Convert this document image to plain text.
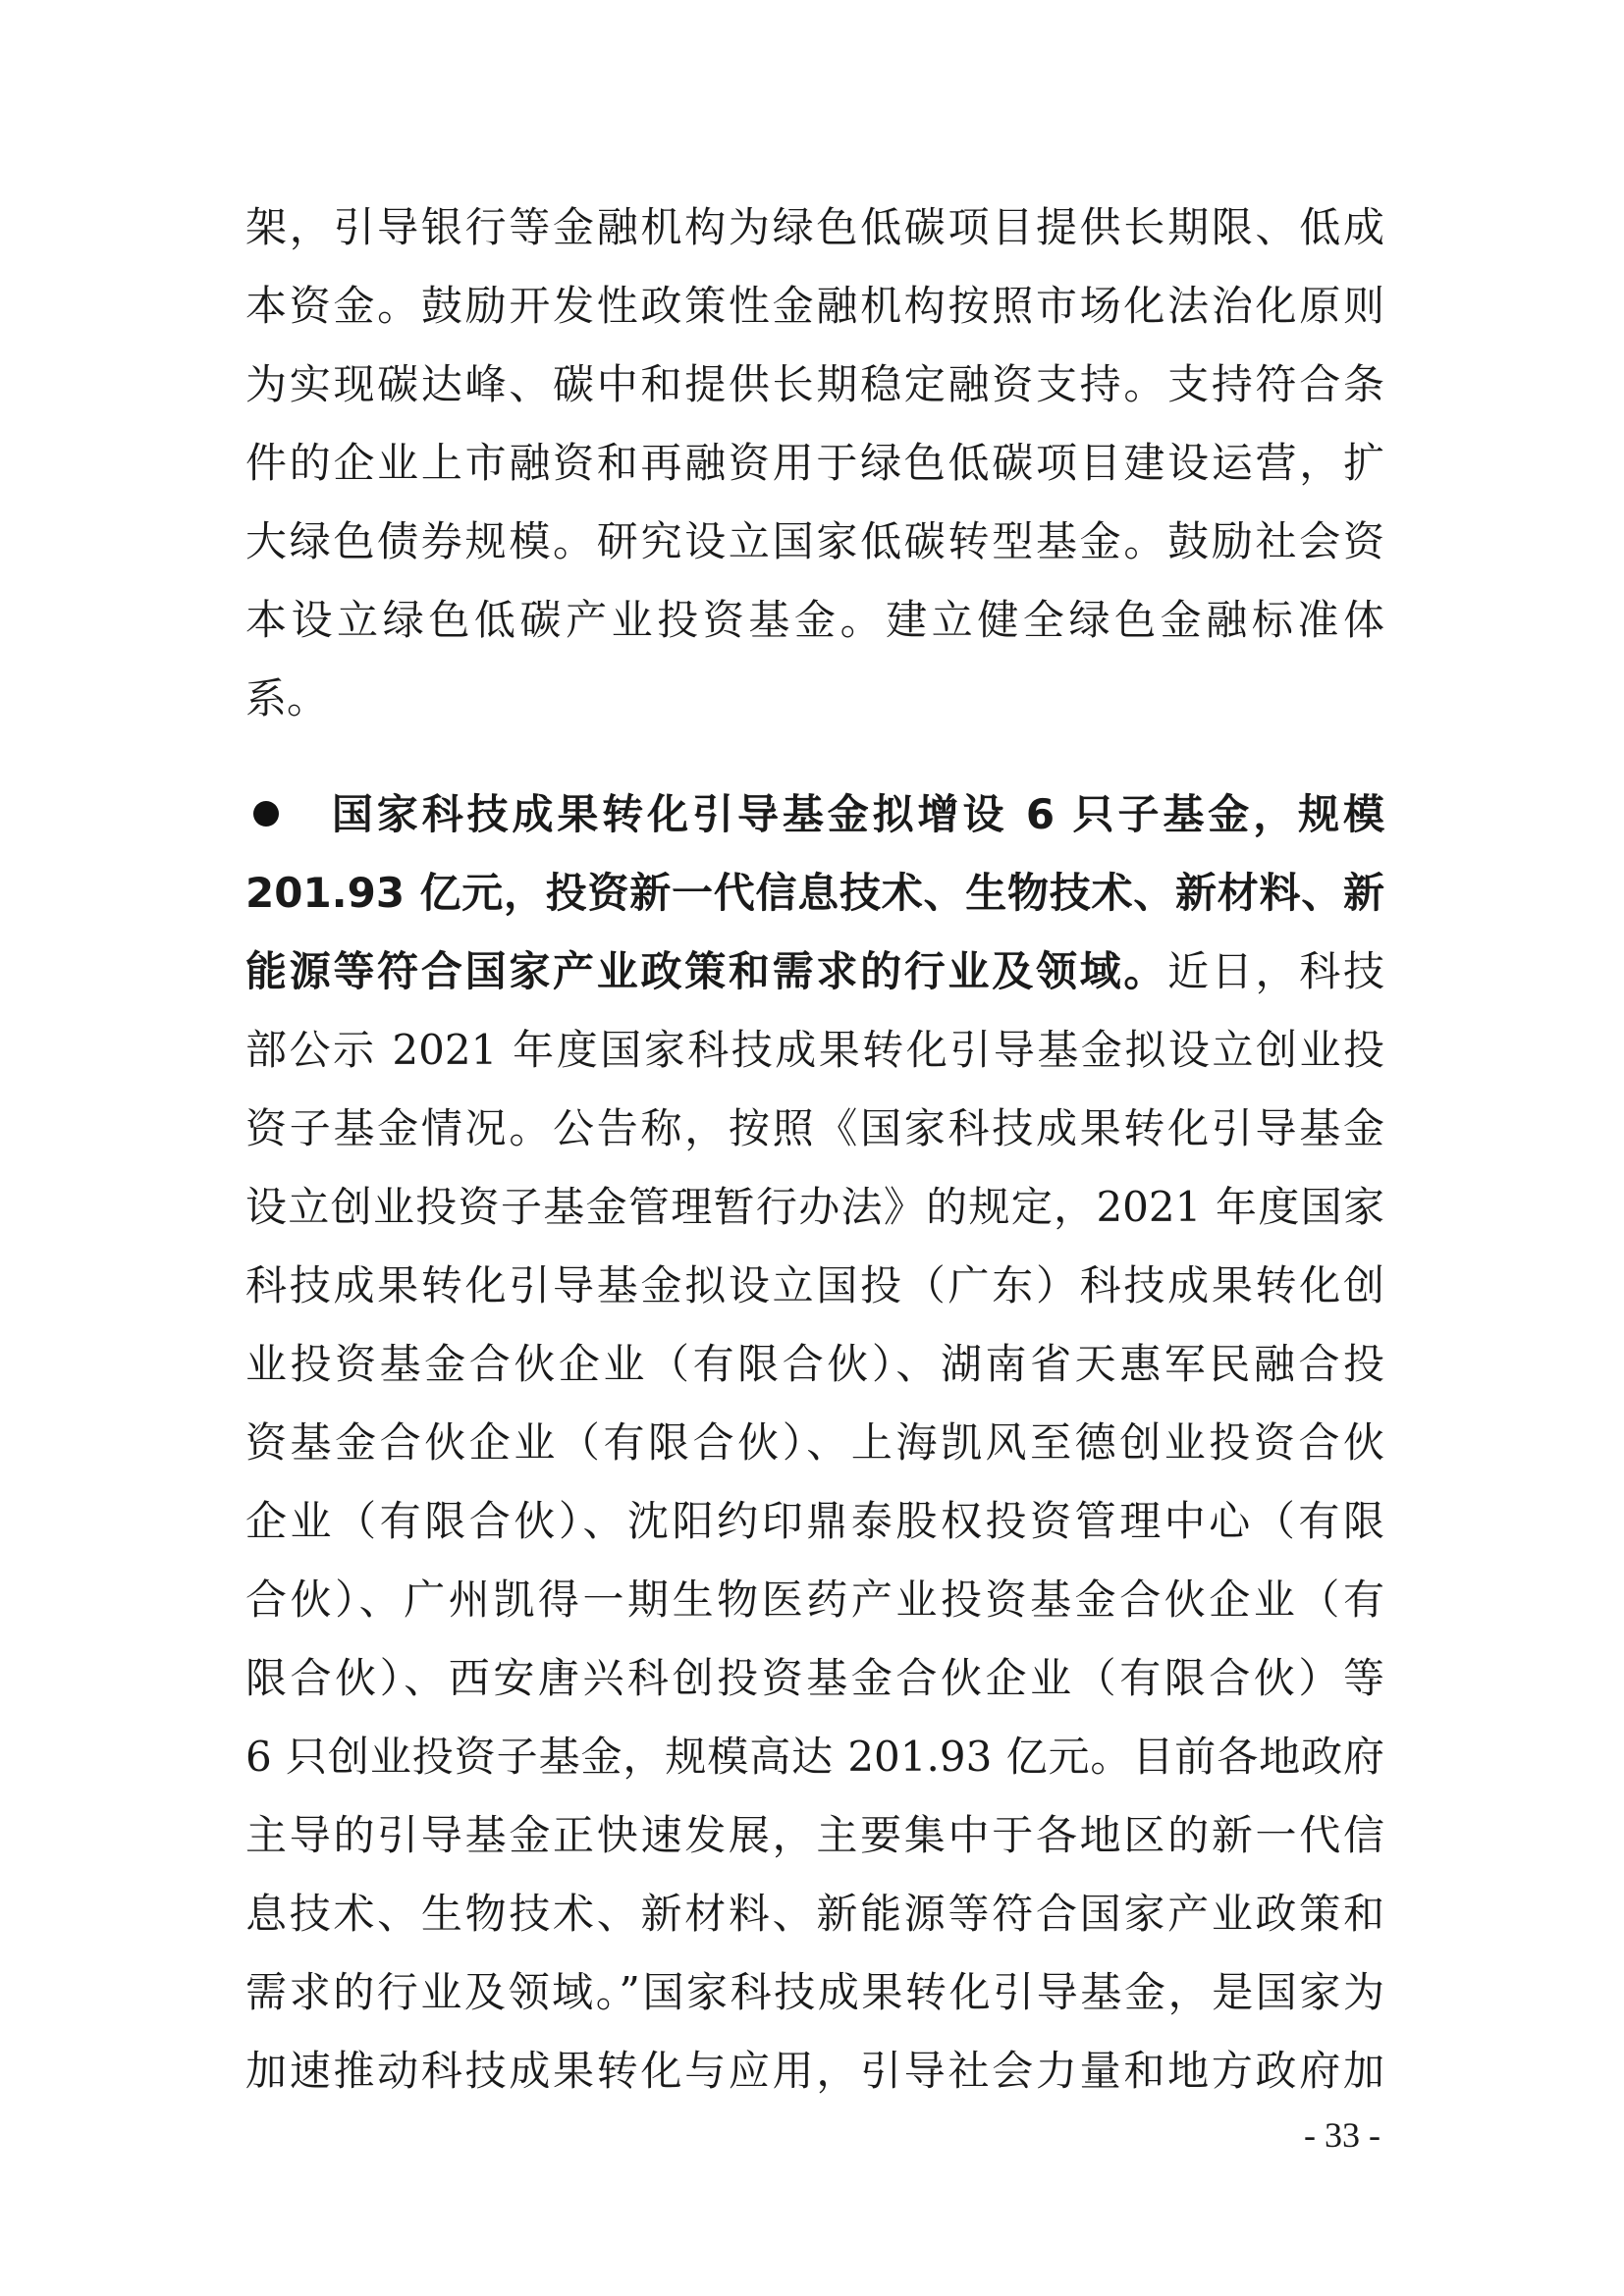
架，引导银行等金融机构为绿色低碳项目提供长期限、低成
本资金。鼓励开发性政策性金融机构按照市场化法治化原则
为实现碳达峰、碳中和提供长期稳定融资支持。支持符合条
件的企业上市融资和再融资用于绿色低碳项目建设运营，扩
大绿色债券规模。研究设立国家低碳转型基金。鼓励社会资
本设立绿色低碳产业投资基金。建立健全绿色金融标准体
系。
国家科技成果转化引导基金拟增设 6 只子基金，规模
201.93 亿元，投资新一代信息技术、生物技术、新材料、新
能源等符合国家产业政策和需求的行业及领域。近日，科技
部公示 2021 年度国家科技成果转化引导基金拟设立创业投
资子基金情况。公告称，按照《国家科技成果转化引导基金
设立创业投资子基金管理暂行办法》的规定，2021 年度国家
科技成果转化引导基金拟设立国投（广东）科技成果转化创
业投资基金合伙企业（有限合伙）、湖南省天惠军民融合投
资基金合伙企业（有限合伙）、上海凯风至德创业投资合伙
企业（有限合伙）、沈阳约印鼎泰股权投资管理中心（有限
合伙）、广州凯得一期生物医药产业投资基金合伙企业（有
限合伙）、西安唐兴科创投资基金合伙企业（有限合伙）等
6 只创业投资子基金，规模高达 201.93 亿元。目前各地政府
主导的引导基金正快速发展，主要集中于各地区的新一代信
息技术、生物技术、新材料、新能源等符合国家产业政策和
需求的行业及领域。”国家科技成果转化引导基金，是国家为
加速推动科技成果转化与应用，引导社会力量和地方政府加
- 33 -
